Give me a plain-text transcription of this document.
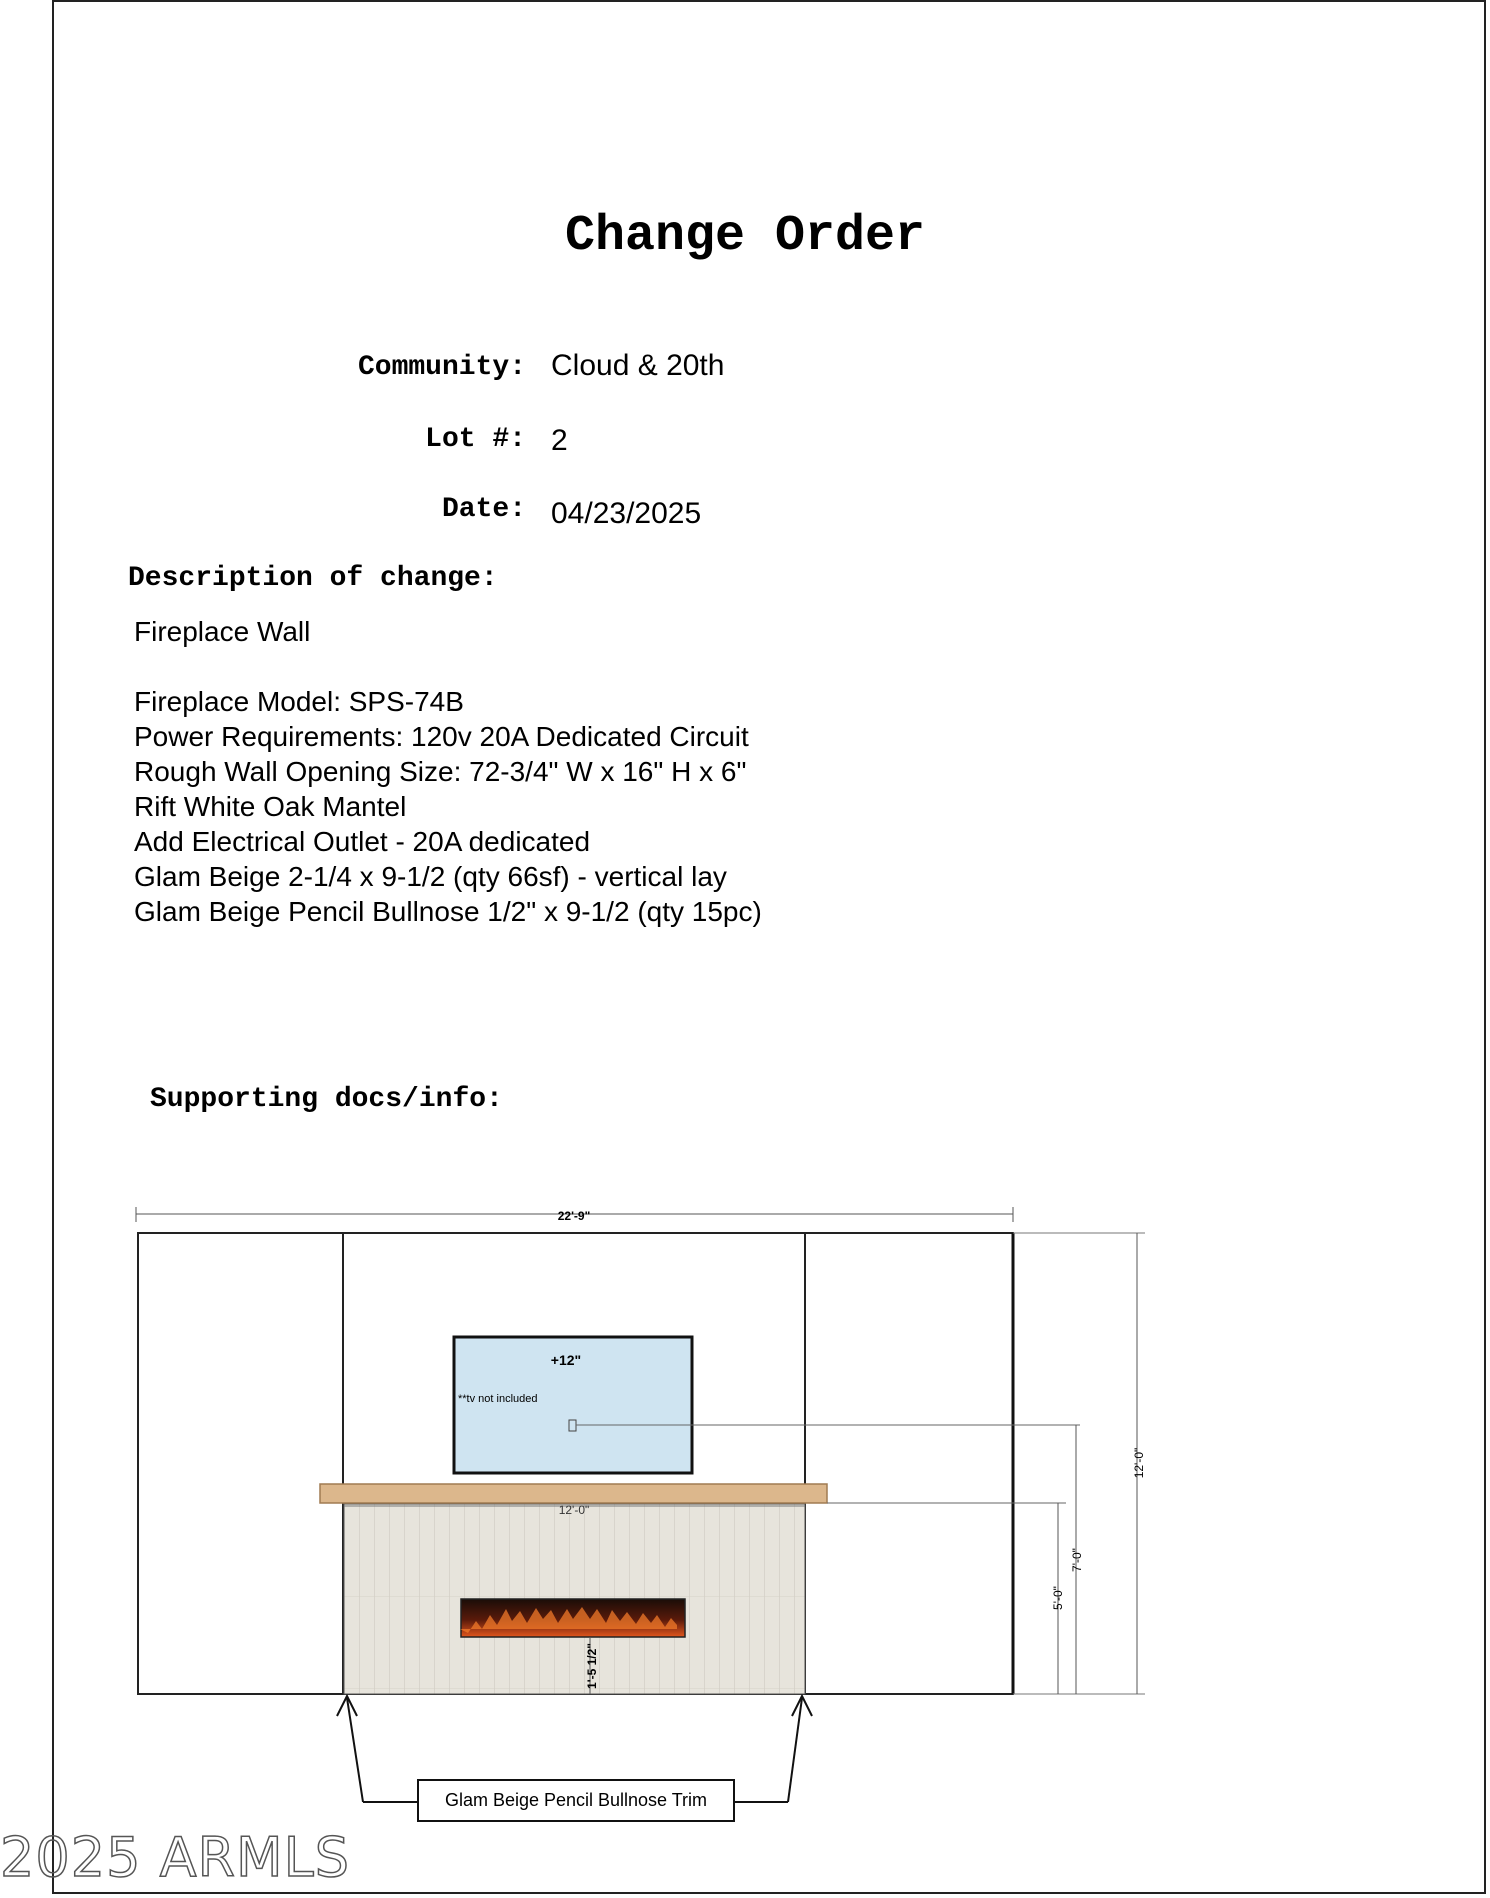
Change Order
Community: Cloud & 20th
Lot #: 2
Date: 04/23/2025
Description of change:
Fireplace Wall
Fireplace Model: SPS-74B
Power Requirements: 120v 20A Dedicated Circuit
Rough Wall Opening Size: 72-3/4" W x 16" H x 6"
Rift White Oak Mantel
Add Electrical Outlet - 20A dedicated
Glam Beige 2-1/4 x 9-1/2 (qty 66sf) - vertical lay
Glam Beige Pencil Bullnose 1/2" x 9-1/2 (qty 15pc)
Supporting docs/info:
22'-9"
12'-0"
7'-0"
5'-0"
12'-0"
1'-5 1/2"
+12"
**tv not included
Glam Beige Pencil Bullnose Trim
2025 ARMLS
